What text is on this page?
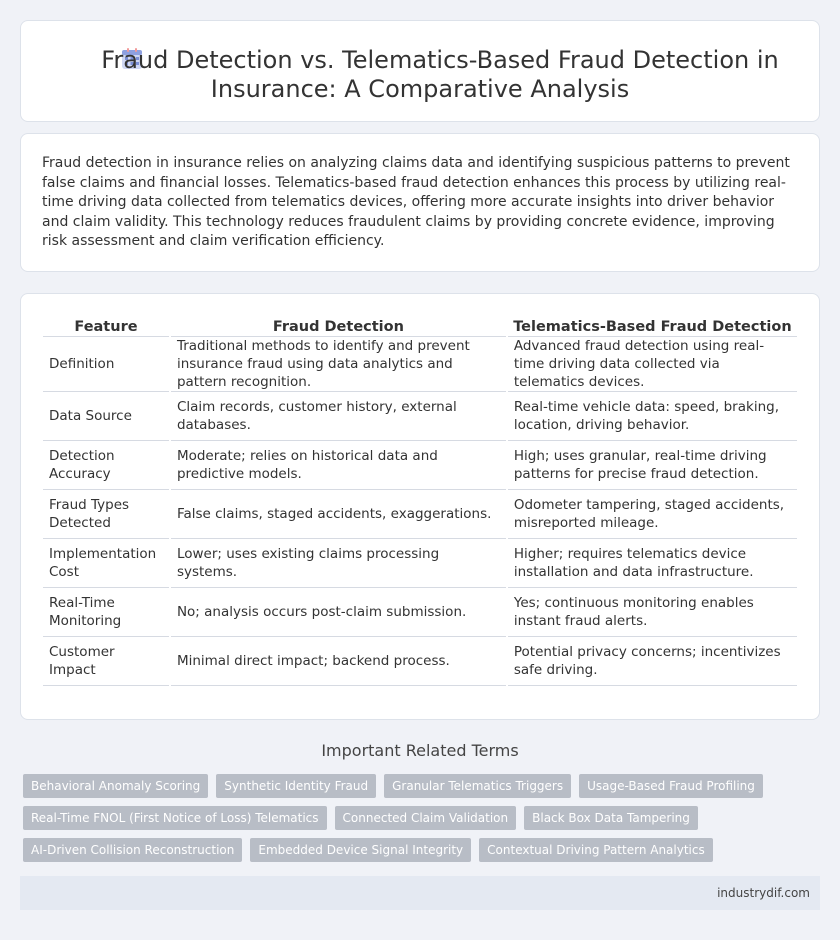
Fraud Detection vs. Telematics-Based Fraud Detection in
Insurance: A Comparative Analysis

Fraud detection in insurance relies on analyzing claims data and identifying suspicious patterns to prevent false claims and financial losses. Telematics-based fraud detection enhances this process by utilizing real-time driving data collected from telematics devices, offering more accurate insights into driver behavior and claim validity. This technology reduces fraudulent claims by providing concrete evidence, improving risk assessment and claim verification efficiency.

Feature	Fraud Detection	Telematics-Based Fraud Detection
Definition	Traditional methods to identify and prevent insurance fraud using data analytics and pattern recognition.	Advanced fraud detection using real-time driving data collected via telematics devices.
Data Source	Claim records, customer history, external databases.	Real-time vehicle data: speed, braking, location, driving behavior.
Detection Accuracy	Moderate; relies on historical data and predictive models.	High; uses granular, real-time driving patterns for precise fraud detection.
Fraud Types Detected	False claims, staged accidents, exaggerations.	Odometer tampering, staged accidents, misreported mileage.
Implementation Cost	Lower; uses existing claims processing systems.	Higher; requires telematics device installation and data infrastructure.
Real-Time Monitoring	No; analysis occurs post-claim submission.	Yes; continuous monitoring enables instant fraud alerts.
Customer Impact	Minimal direct impact; backend process.	Potential privacy concerns; incentivizes safe driving.
Important Related Terms
Behavioral Anomaly Scoring	Synthetic Identity Fraud	Granular Telematics Triggers	Usage-Based Fraud Profiling
Real-Time FNOL (First Notice of Loss) Telematics	Connected Claim Validation	Black Box Data Tampering
AI-Driven Collision Reconstruction	Embedded Device Signal Integrity	Contextual Driving Pattern Analytics
industrydif.com
